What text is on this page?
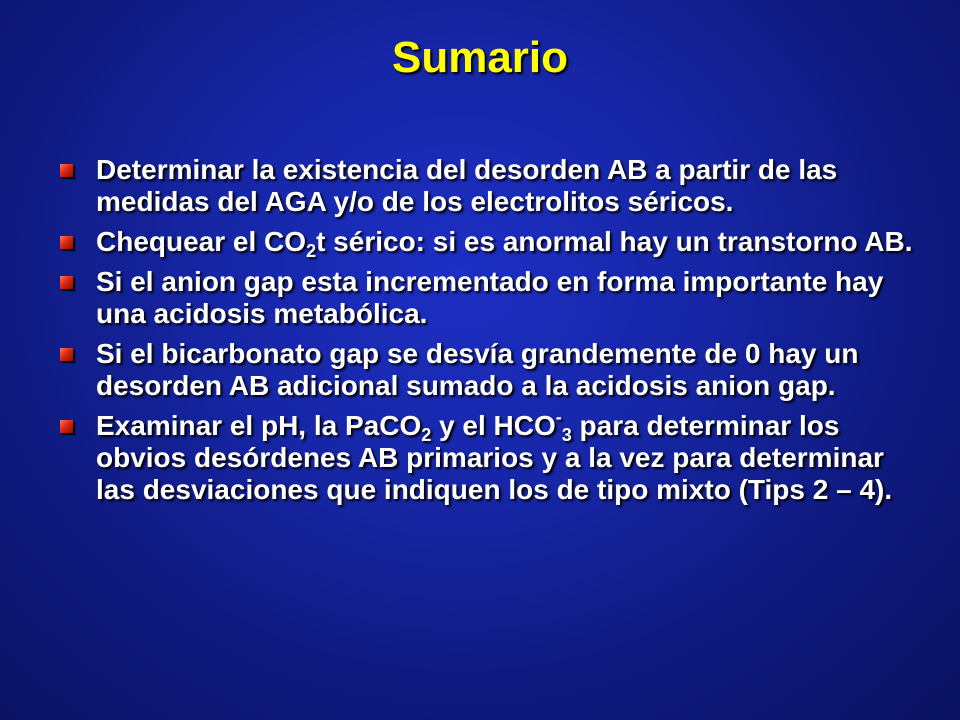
Sumario
Determinar la existencia del desorden AB a partir de las medidas del AGA y/o de los electrolitos séricos.
Chequear el $CO_2t$ sérico: si es anormal hay un transtorno AB.
Si el anion gap esta incrementado en forma importante hay una acidosis metabólica.
Si el bicarbonato gap se desvía grandemente de 0 hay un desorden AB adicional sumado a la acidosis anion gap.
Examinar el pH, la PaCO$_2$ y el $HCO^-_3$ para determinar los obvios desórdenes AB primarios y a la vez para determinar las desviaciones que indiquen los de tipo mixto (Tips 2 – 4).
